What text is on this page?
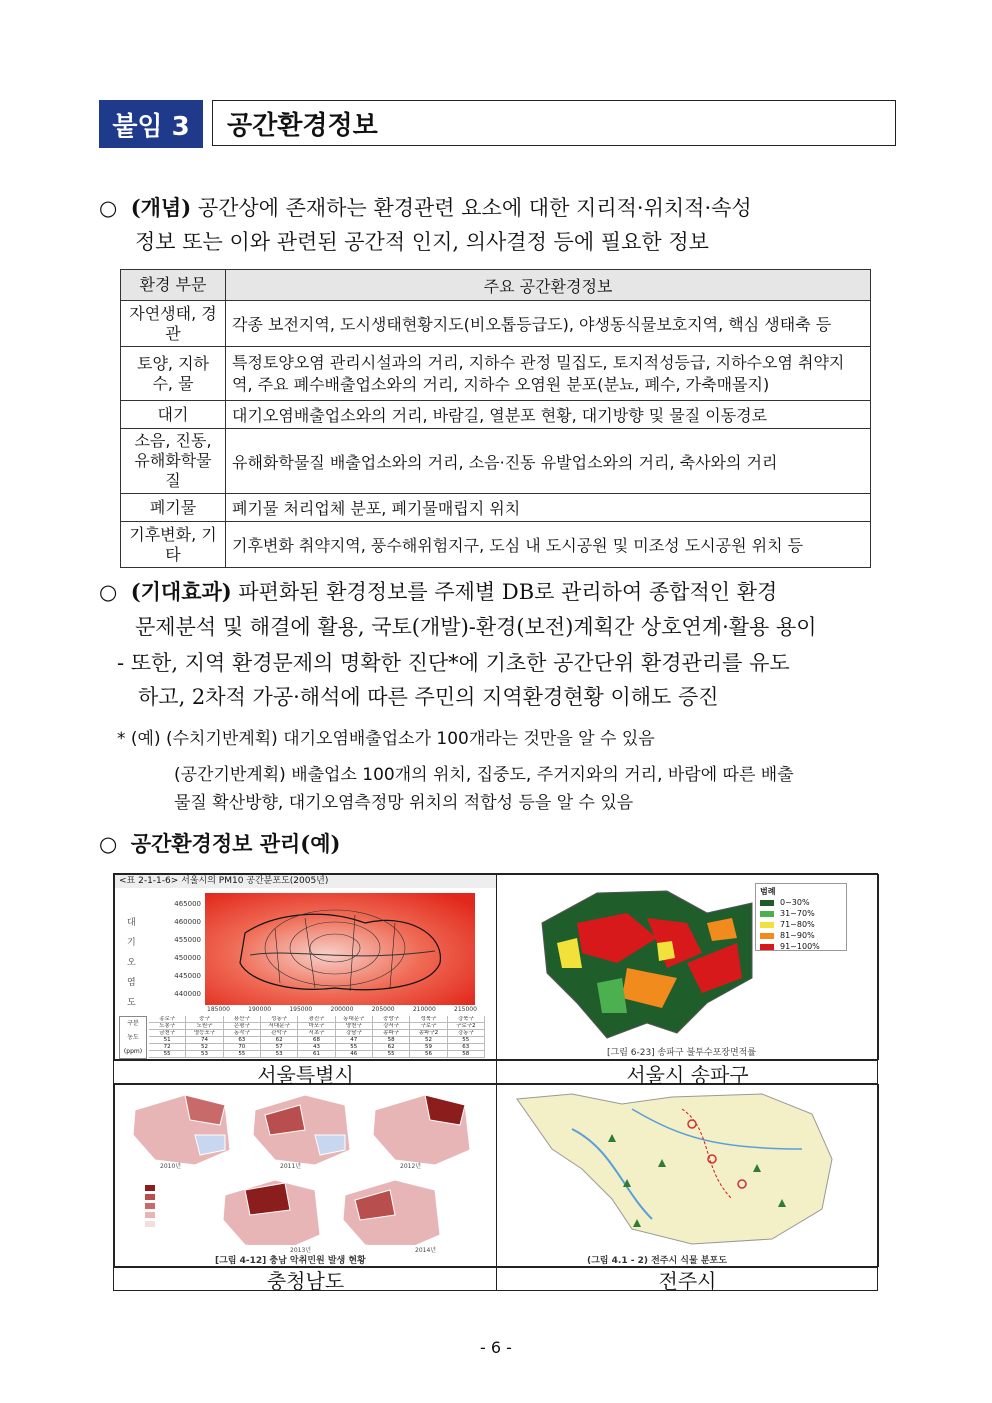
붙임 3	공간환경정보
○ (개념) 공간상에 존재하는 환경관련 요소에 대한 지리적·위치적·속성
정보 또는 이와 관련된 공간적 인지, 의사결정 등에 필요한 정보
환경 부문	주요 공간환경정보
자연생태, 경관	각종 보전지역, 도시생태현황지도(비오톱등급도), 야생동식물보호지역, 핵심 생태축 등
토양, 지하수, 물	특정토양오염 관리시설과의 거리, 지하수 관정 밀집도, 토지적성등급, 지하수오염 취약지역, 주요 폐수배출업소와의 거리, 지하수 오염원 분포(분뇨, 폐수, 가축매몰지)
대기	대기오염배출업소와의 거리, 바람길, 열분포 현황, 대기방향 및 물질 이동경로
소음, 진동, 유해화학물질	유해화학물질 배출업소와의 거리, 소음·진동 유발업소와의 거리, 축사와의 거리
폐기물	폐기물 처리업체 분포, 폐기물매립지 위치
기후변화, 기타	기후변화 취약지역, 풍수해위험지구, 도심 내 도시공원 및 미조성 도시공원 위치 등
○ (기대효과) 파편화된 환경정보를 주제별 DB로 관리하여 종합적인 환경
문제분석 및 해결에 활용, 국토(개발)-환경(보전)계획간 상호연계·활용 용이
- 또한, 지역 환경문제의 명확한 진단*에 기초한 공간단위 환경관리를 유도
하고, 2차적 가공·해석에 따른 주민의 지역환경현황 이해도 증진
* (예) (수치기반계획) 대기오염배출업소가 100개라는 것만을 알 수 있음
(공간기반계획) 배출업소 100개의 위치, 집중도, 주거지와의 거리, 바람에 따른 배출
물질 확산방향, 대기오염측정망 위치의 적합성 등을 알 수 있음
○ 공간환경정보 관리(예)
<표 2-1-1-6> 서울시의 PM10 공간분포도(2005년)
대
기
오
염
도
465000
460000
455000
450000
445000
440000
185000	190000	195000	200000	205000	210000	215000
구분
농도
(ppm)
종로구	중구	용산구	성동구	광진구	동대문구	중랑구	성북구	강북구
도봉구	노원구	은평구	서대문구	마포구	양천구	강서구	구로구	구로구2
금천구	영등포구	동작구	관악구	서초구	강남구	송파구	송파구2	강동구
51	74	63	62	68	47	58	52	55
72	52	70	57	43	55	62	59	63
55	53	55	53	61	46	55	56	58
범례
0~30%
31~70%
71~80%
81~90%
91~100%
[그림 6-23] 송파구 불투수포장면적률
2010년	2011년	2012년
2013년	2014년
[그림 4-12] 충남 악취민원 발생 현황	(그림 4.1 - 2) 전주시 식물 분포도
서울특별시	서울시 송파구
충청남도	전주시
- 6 -
